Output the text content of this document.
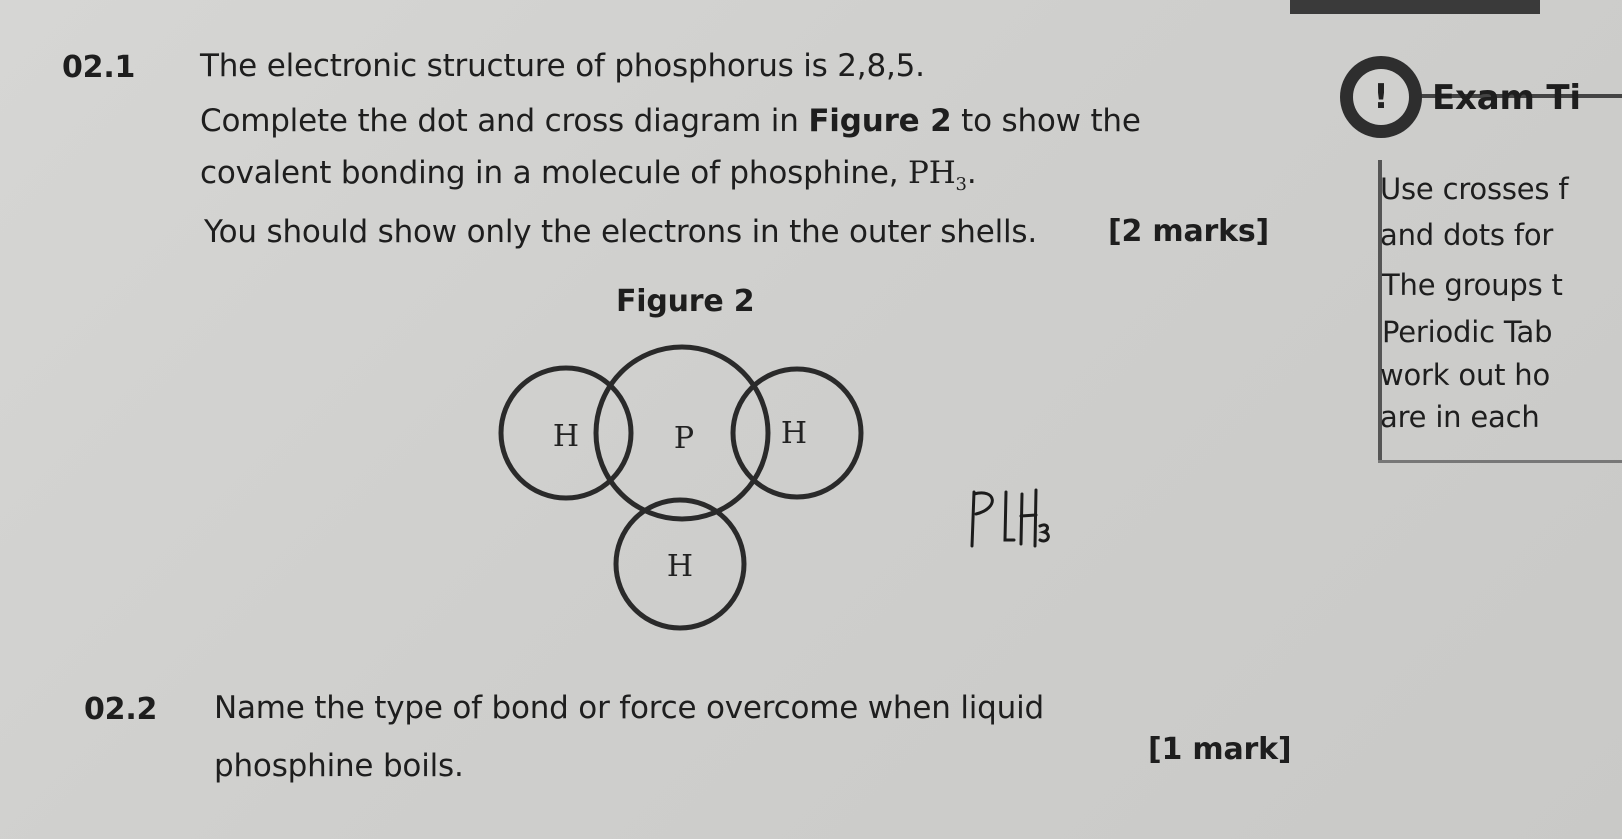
02.1 The electronic structure of phosphorus is 2,8,5.
Complete the dot and cross diagram in Figure 2 to show the
covalent bonding in a molecule of phosphine, $PH_3$.
You should show only the electrons in the outer shells. [2 marks]
Figure 2
H	P	H
H
!	Exam Ti
Use crosses f
and dots for
The groups t
Periodic Tab
work out ho
are in each
02.2 Name the type of bond or force overcome when liquid
phosphine boils.	[1 mark]
